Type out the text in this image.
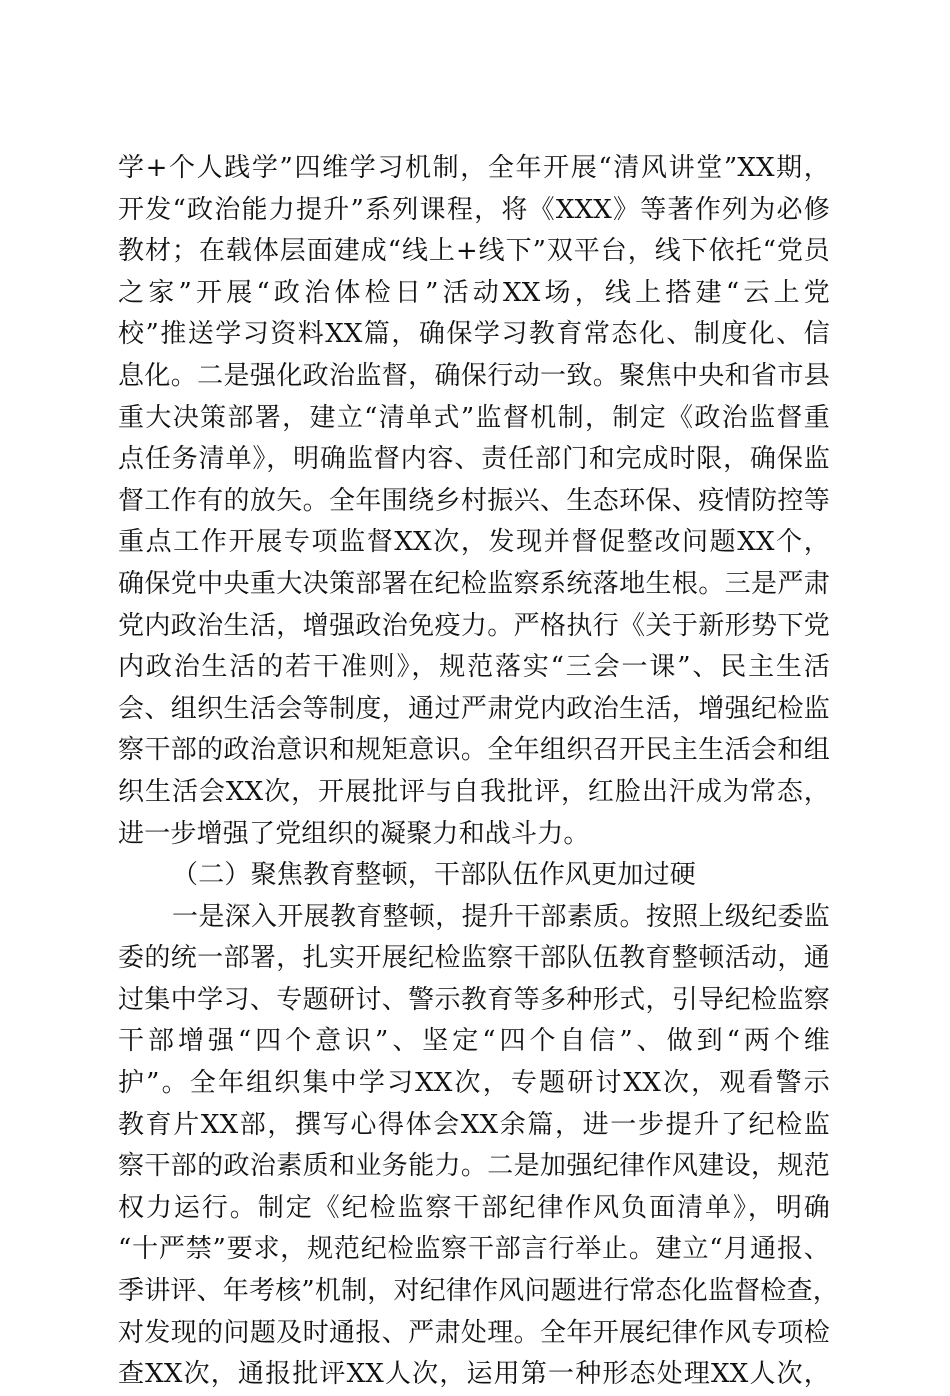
学+个人践学”四维学习机制，全年开展“清风讲堂”XX期，
开发“政治能力提升”系列课程，将《XXX》等著作列为必修
教材；在载体层面建成“线上+线下”双平台，线下依托“党员
之家”开展“政治体检日”活动XX场，线上搭建“云上党
校”推送学习资料XX篇，确保学习教育常态化、制度化、信
息化。二是强化政治监督，确保行动一致。聚焦中央和省市县
重大决策部署，建立“清单式”监督机制，制定《政治监督重
点任务清单》，明确监督内容、责任部门和完成时限，确保监
督工作有的放矢。全年围绕乡村振兴、生态环保、疫情防控等
重点工作开展专项监督XX次，发现并督促整改问题XX个，
确保党中央重大决策部署在纪检监察系统落地生根。三是严肃
党内政治生活，增强政治免疫力。严格执行《关于新形势下党
内政治生活的若干准则》，规范落实“三会一课”、民主生活
会、组织生活会等制度，通过严肃党内政治生活，增强纪检监
察干部的政治意识和规矩意识。全年组织召开民主生活会和组
织生活会XX次，开展批评与自我批评，红脸出汗成为常态，
进一步增强了党组织的凝聚力和战斗力。
（二）聚焦教育整顿，干部队伍作风更加过硬
一是深入开展教育整顿，提升干部素质。按照上级纪委监
委的统一部署，扎实开展纪检监察干部队伍教育整顿活动，通
过集中学习、专题研讨、警示教育等多种形式，引导纪检监察
干部增强“四个意识”、坚定“四个自信”、做到“两个维
护”。全年组织集中学习XX次，专题研讨XX次，观看警示
教育片XX部，撰写心得体会XX余篇，进一步提升了纪检监
察干部的政治素质和业务能力。二是加强纪律作风建设，规范
权力运行。制定《纪检监察干部纪律作风负面清单》，明确
“十严禁”要求，规范纪检监察干部言行举止。建立“月通报、
季讲评、年考核”机制，对纪律作风问题进行常态化监督检查，
对发现的问题及时通报、严肃处理。全年开展纪律作风专项检
查XX次，通报批评XX人次，运用第一种形态处理XX人次，
